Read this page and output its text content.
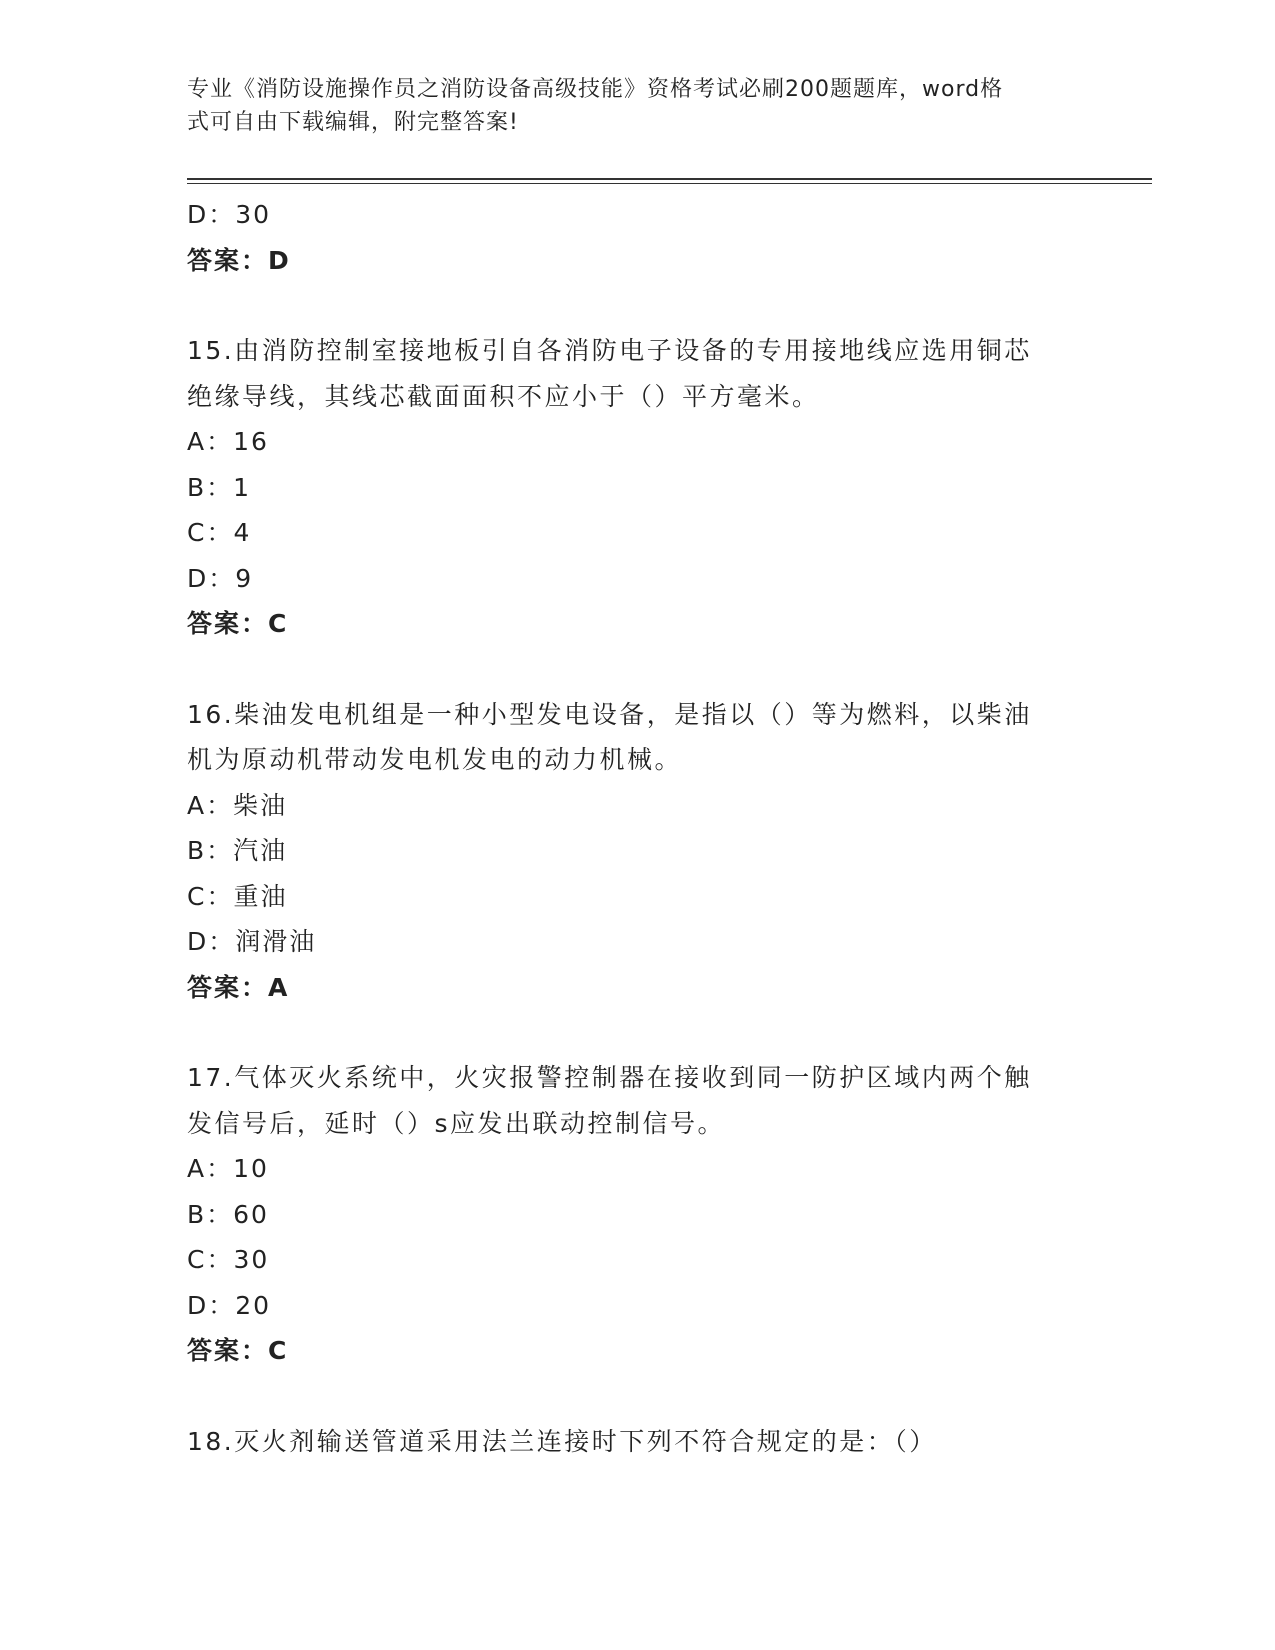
专业《消防设施操作员之消防设备高级技能》资格考试必刷200题题库，word格
式可自由下载编辑，附完整答案!
D：30
答案：D
15.由消防控制室接地板引自各消防电子设备的专用接地线应选用铜芯
绝缘导线，其线芯截面面积不应小于（）平方毫米。
A：16
B：1
C：4
D：9
答案：C
16.柴油发电机组是一种小型发电设备，是指以（）等为燃料，以柴油
机为原动机带动发电机发电的动力机械。
A：柴油
B：汽油
C：重油
D：润滑油
答案：A
17.气体灭火系统中，火灾报警控制器在接收到同一防护区域内两个触
发信号后，延时（）s应发出联动控制信号。
A：10
B：60
C：30
D：20
答案：C
18.灭火剂输送管道采用法兰连接时下列不符合规定的是：（）
